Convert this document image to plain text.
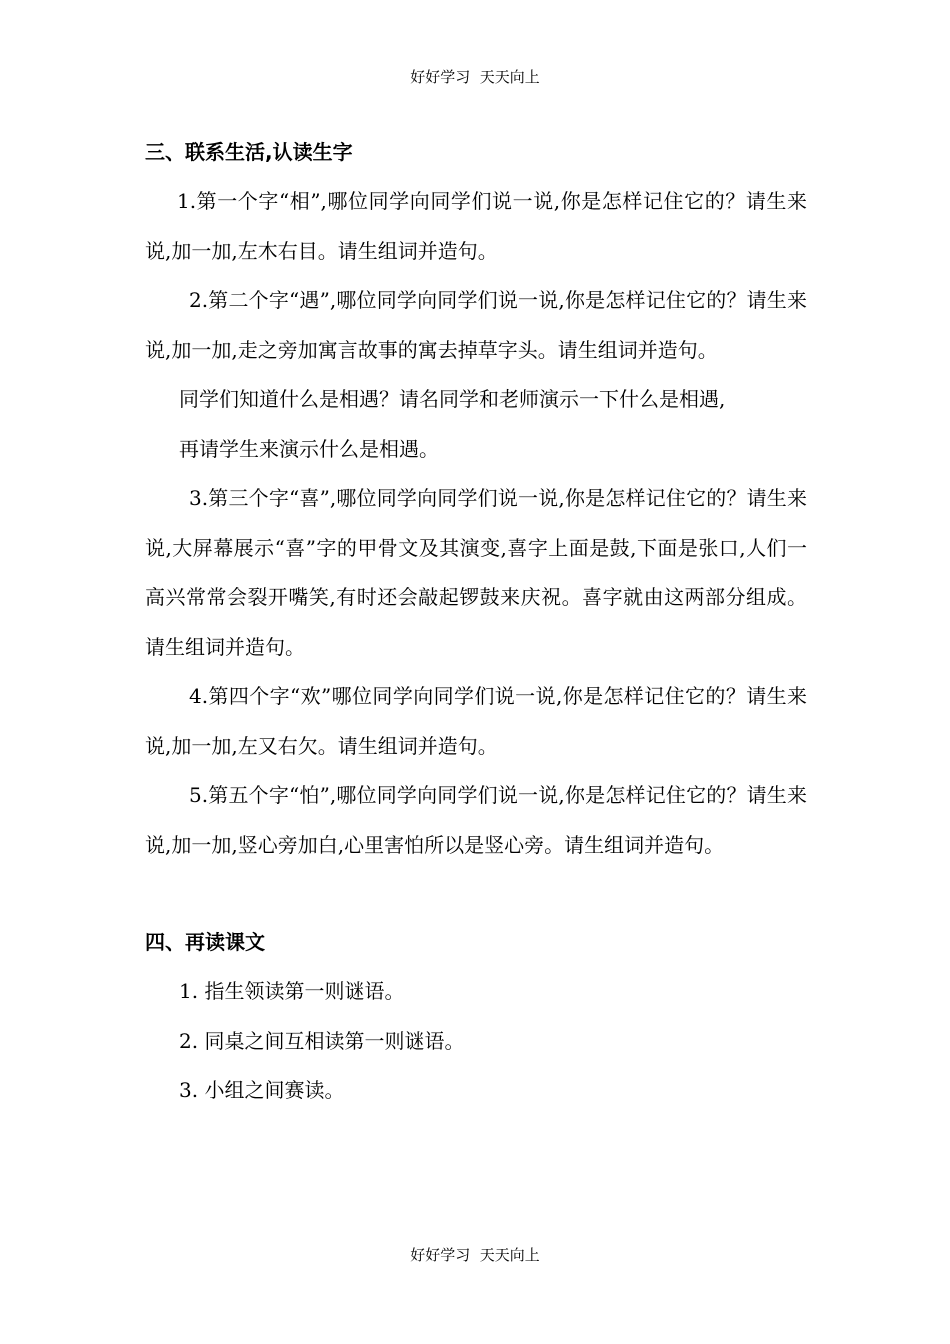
好好学习  天天向上
三、联系生活,认读生字

1.第一个字“相”,哪位同学向同学们说一说,你是怎样记住它的？请生来说,加一加,左木右目。请生组词并造句。

2.第二个字“遇”,哪位同学向同学们说一说,你是怎样记住它的？请生来说,加一加,走之旁加寓言故事的寓去掉草字头。请生组词并造句。

同学们知道什么是相遇？请名同学和老师演示一下什么是相遇,

再请学生来演示什么是相遇。

3.第三个字“喜”,哪位同学向同学们说一说,你是怎样记住它的？请生来说,大屏幕展示“喜”字的甲骨文及其演变,喜字上面是鼓,下面是张口,人们一高兴常常会裂开嘴笑,有时还会敲起锣鼓来庆祝。喜字就由这两部分组成。请生组词并造句。

4.第四个字“欢”哪位同学向同学们说一说,你是怎样记住它的？请生来说,加一加,左又右欠。请生组词并造句。

5.第五个字“怕”,哪位同学向同学们说一说,你是怎样记住它的？请生来说,加一加,竖心旁加白,心里害怕所以是竖心旁。请生组词并造句。

四、再读课文

1. 指生领读第一则谜语。

2. 同桌之间互相读第一则谜语。

3. 小组之间赛读。

好好学习  天天向上
